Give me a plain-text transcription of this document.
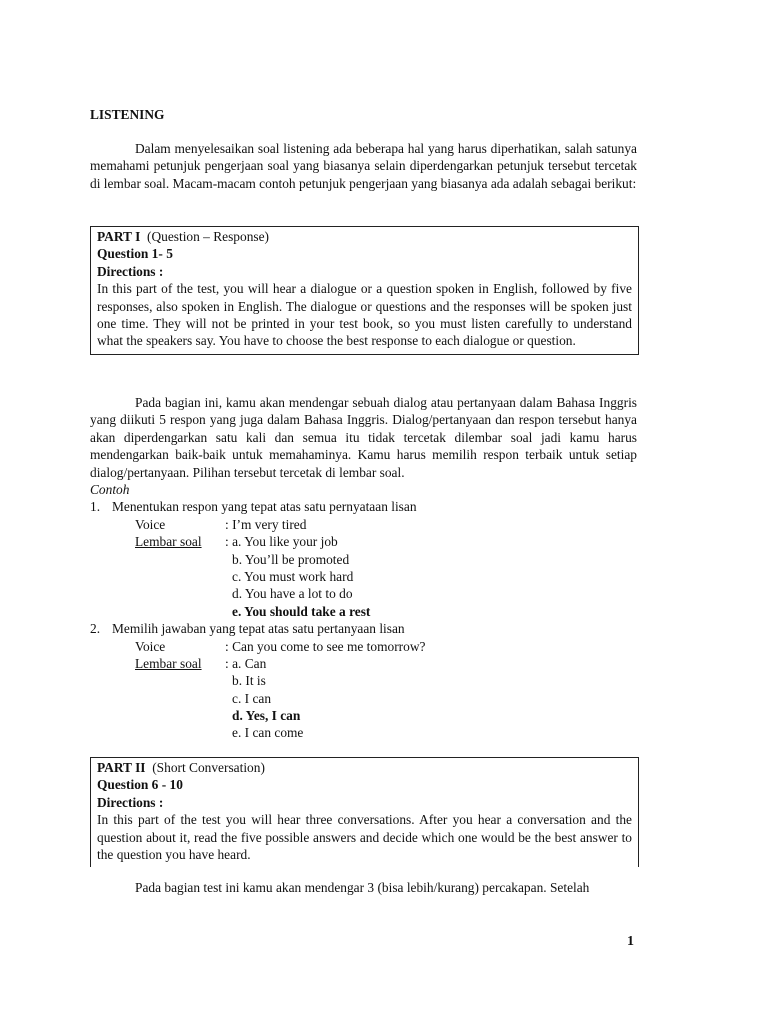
LISTENING
Dalam menyelesaikan soal listening ada beberapa hal yang harus diperhatikan, salah satunya memahami petunjuk pengerjaan soal yang biasanya selain diperdengarkan petunjuk tersebut tercetak di lembar soal. Macam-macam contoh petunjuk pengerjaan yang biasanya ada adalah sebagai berikut:
PART I (Question – Response)
Question 1- 5
Directions :
In this part of the test, you will hear a dialogue or a question spoken in English, followed by five responses, also spoken in English. The dialogue or questions and the responses will be spoken just one time. They will not be printed in your test book, so you must listen carefully to understand what the speakers say. You have to choose the best response to each dialogue or question.
Pada bagian ini, kamu akan mendengar sebuah dialog atau pertanyaan dalam Bahasa Inggris yang diikuti 5 respon yang juga dalam Bahasa Inggris. Dialog/pertanyaan dan respon tersebut hanya akan diperdengarkan satu kali dan semua itu tidak tercetak dilembar soal jadi kamu harus mendengarkan baik-baik untuk memahaminya. Kamu harus memilih respon terbaik untuk setiap dialog/pertanyaan. Pilihan tersebut tercetak di lembar soal.
Contoh
1. Menentukan respon yang tepat atas satu pernyataan lisan
Voice	: I’m very tired
Lembar soal : a. You like your job
b. You’ll be promoted
c. You must work hard
d. You have a lot to do
e. You should take a rest
2. Memilih jawaban yang tepat atas satu pertanyaan lisan
Voice	: Can you come to see me tomorrow?
Lembar soal : a. Can
b. It is
c. I can
d. Yes, I can
e. I can come
PART II (Short Conversation)
Question 6 - 10
Directions :
In this part of the test you will hear three conversations. After you hear a conversation and the question about it, read the five possible answers and decide which one would be the best answer to the question you have heard.
Pada bagian test ini kamu akan mendengar 3 (bisa lebih/kurang) percakapan. Setelah
1
